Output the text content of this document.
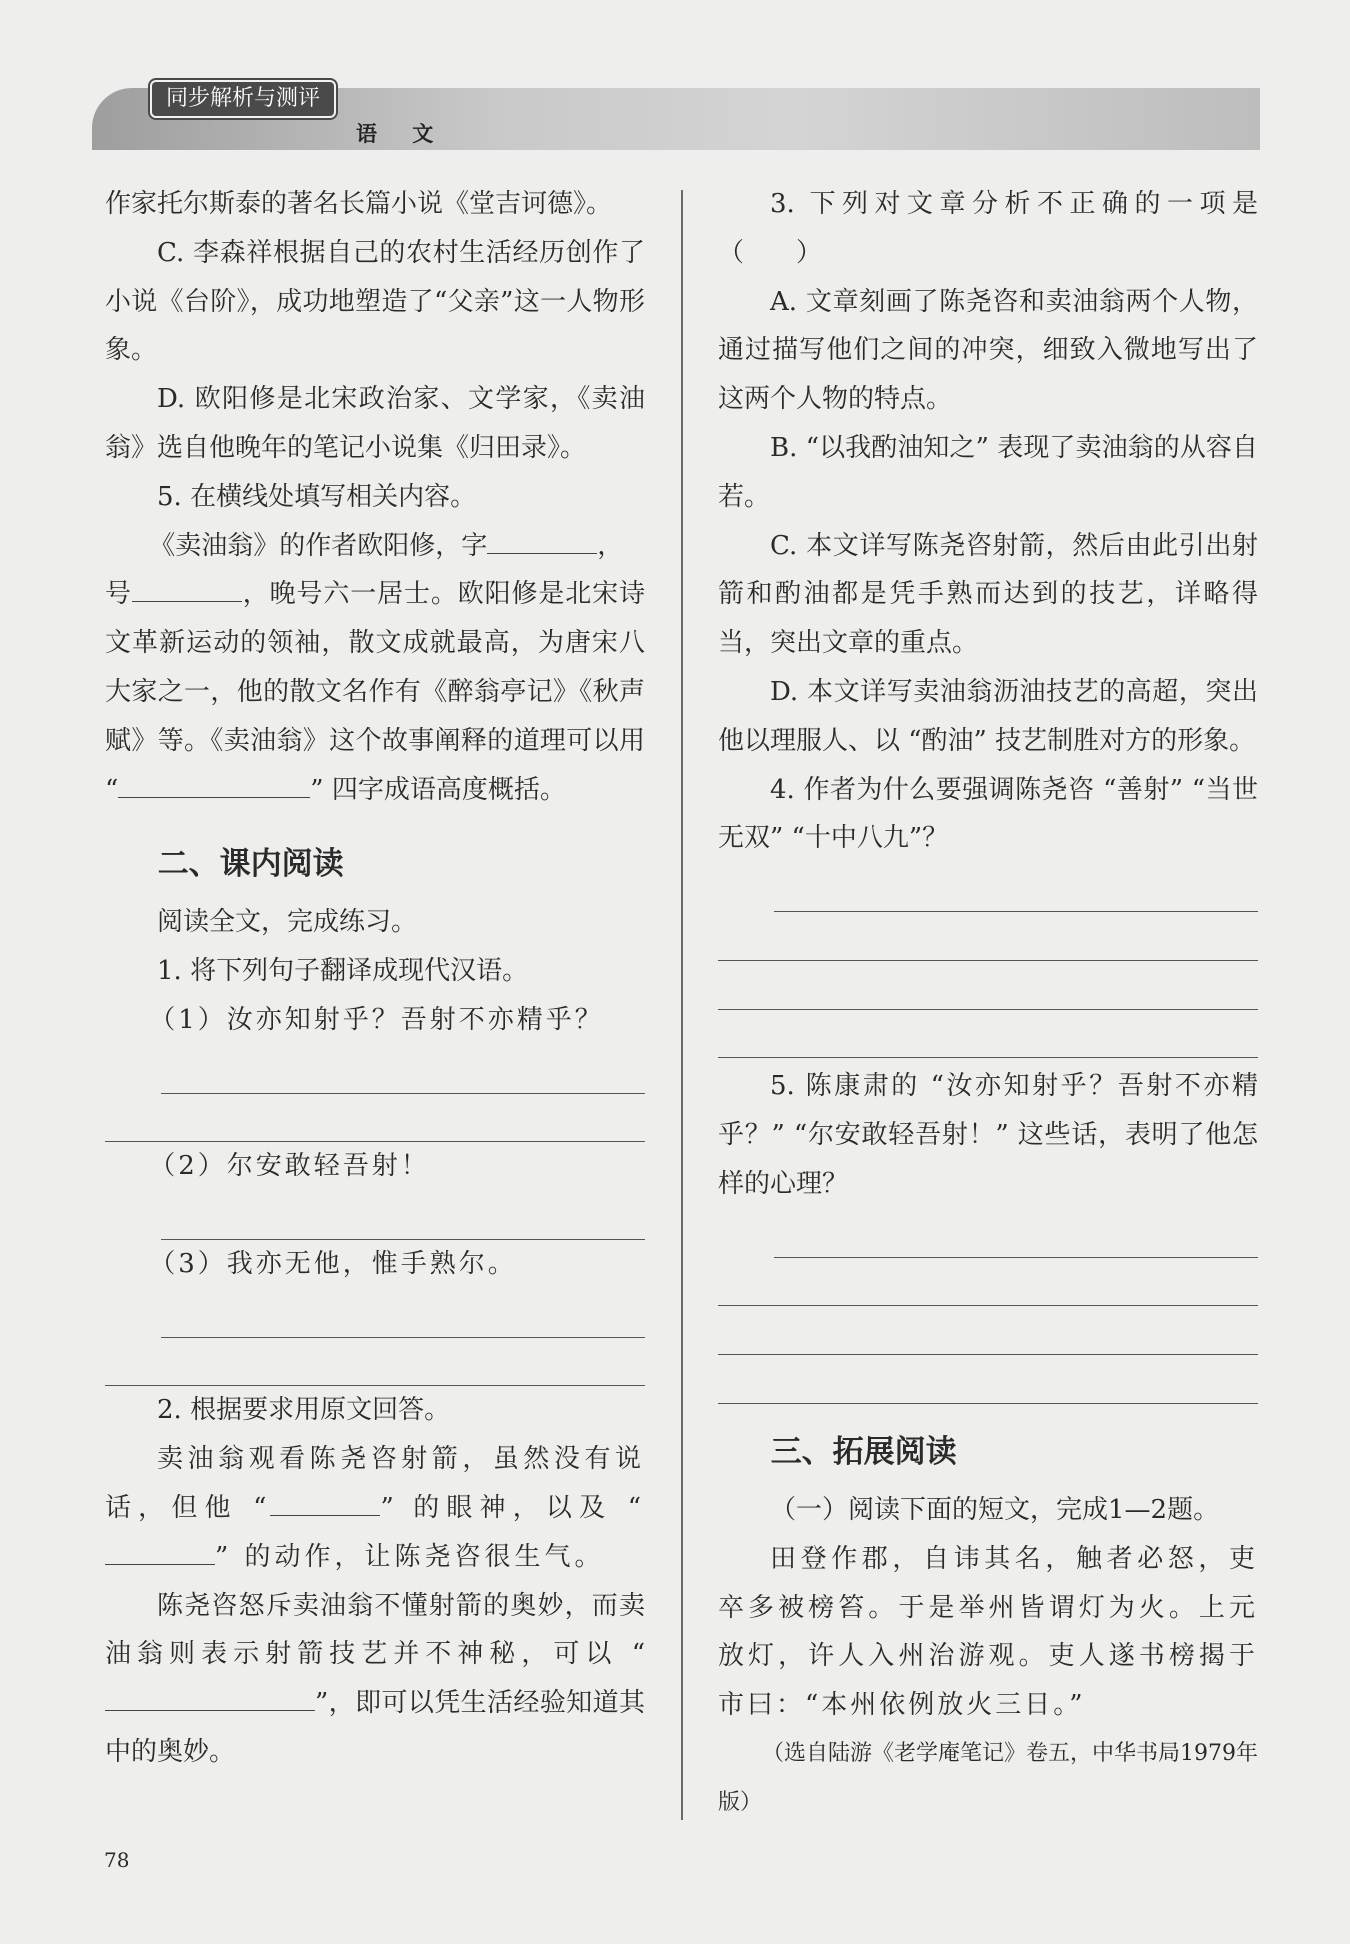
同步解析与测评
语 文

作家托尔斯泰的著名长篇小说《堂吉诃德》。

C. 李森祥根据自己的农村生活经历创作了小说《台阶》，成功地塑造了“父亲”这一人物形象。

D. 欧阳修是北宋政治家、文学家，《卖油翁》选自他晚年的笔记小说集《归田录》。

5. 在横线处填写相关内容。

《卖油翁》的作者欧阳修，字	，
号	，晚号六一居士。欧阳修是北宋诗文革新运动的领袖，散文成就最高，为唐宋八大家之一，他的散文名作有《醉翁亭记》《秋声赋》等。《卖油翁》这个故事阐释的道理可以用 “	” 四字成语高度概括。

二、课内阅读

阅读全文，完成练习。

1. 将下列句子翻译成现代汉语。

（1）汝亦知射乎？吾射不亦精乎？

（2）尔安敢轻吾射！

（3）我亦无他，惟手熟尔。

2. 根据要求用原文回答。

卖油翁观看陈尧咨射箭，虽然没有说话，但他 “	” 的眼神，以及 “” 的动作，让陈尧咨很生气。

陈尧咨怒斥卖油翁不懂射箭的奥妙，而卖油翁则表示射箭技艺并不神秘，可以 “”，即可以凭生活经验知道其中的奥妙。

3. 下列对文章分析不正确的一项是（　　）

A. 文章刻画了陈尧咨和卖油翁两个人物，通过描写他们之间的冲突，细致入微地写出了这两个人物的特点。

B. “以我酌油知之” 表现了卖油翁的从容自若。

C. 本文详写陈尧咨射箭，然后由此引出射箭和酌油都是凭手熟而达到的技艺，详略得当，突出文章的重点。

D. 本文详写卖油翁沥油技艺的高超，突出他以理服人、以 “酌油” 技艺制胜对方的形象。

4. 作者为什么要强调陈尧咨 “善射” “当世无双” “十中八九”？

5. 陈康肃的 “汝亦知射乎？吾射不亦精乎？” “尔安敢轻吾射！” 这些话，表明了他怎样的心理？

三、拓展阅读

（一）阅读下面的短文，完成1—2题。

田登作郡，自讳其名，触者必怒，吏卒多被榜笞。于是举州皆谓灯为火。上元放灯，许人入州治游观。吏人遂书榜揭于市曰：“本州依例放火三日。”

（选自陆游《老学庵笔记》卷五，中华书局1979年版）

78
